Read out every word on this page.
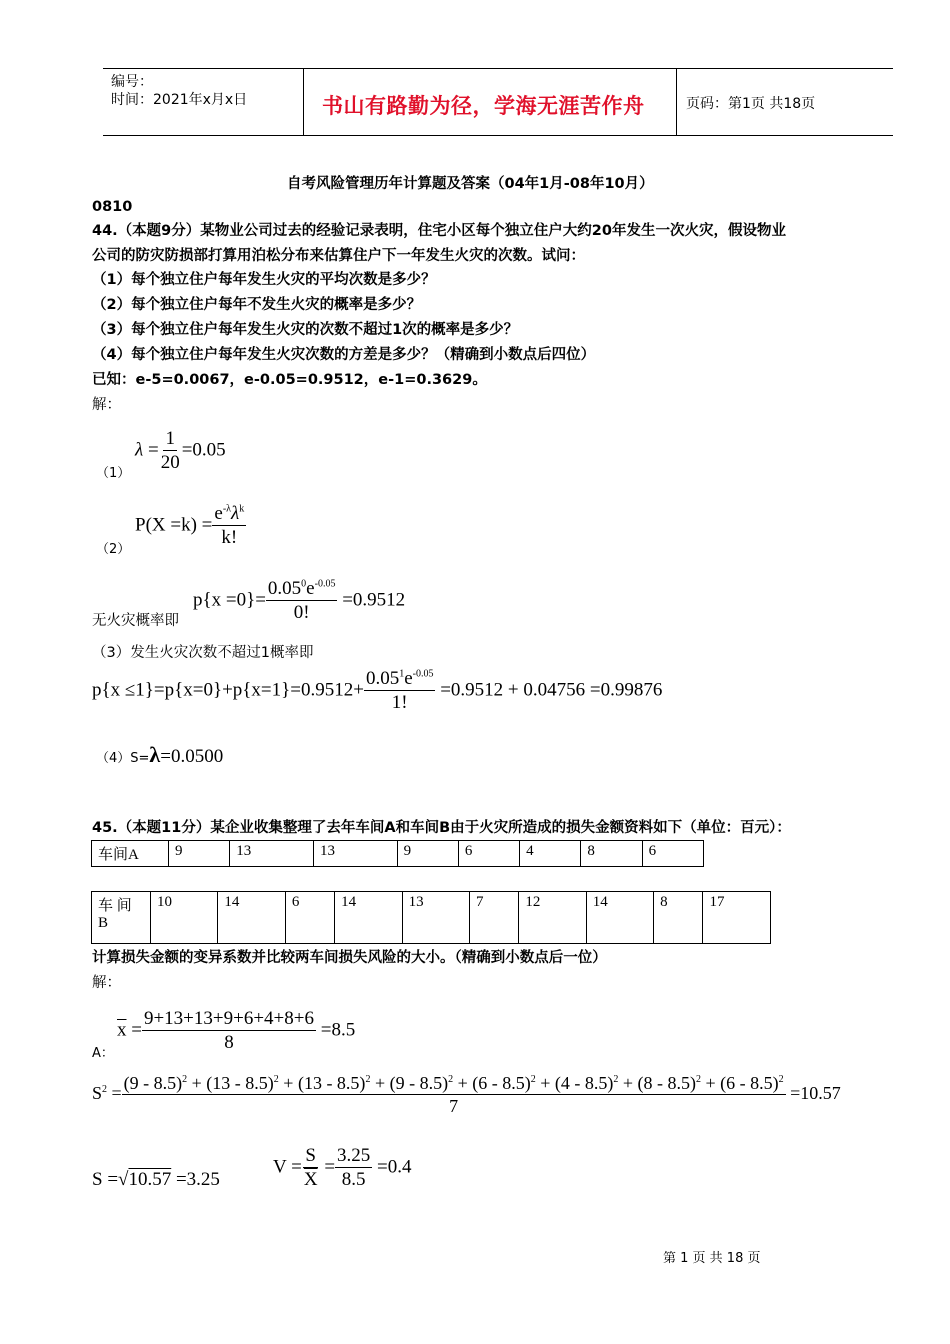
编号：
时间：2021年x月x日	书山有路勤为径，学海无涯苦作舟	页码：第1页 共18页
自考风险管理历年计算题及答案（04年1月-08年10月）
0810
44.（本题9分）某物业公司过去的经验记录表明，住宅小区每个独立住户大约20年发生一次火灾，假设物业
公司的防灾防损部打算用泊松分布来估算住户下一年发生火灾的次数。试问：
（1）每个独立住户每年发生火灾的平均次数是多少？
（2）每个独立住户每年不发生火灾的概率是多少？
（3）每个独立住户每年发生火灾的次数不超过1次的概率是多少？
（4）每个独立住户每年发生火灾次数的方差是多少？（精确到小数点后四位）
已知：e-5=0.0067，e-0.05=0.9512，e-1=0.3629。
解：
（1）
$\lambda = \frac{1}{20} =0.05$
（2）
$P(X =k) = \frac{e^{-\lambda}\lambda^k}{k!}$
$p\{x =0\}= \frac{0.05^0e^{-0.05}}{0!} =0.9512$
无火灾概率即
（3）发生火灾次数不超过1概率即
$p\{x \le 1\}=p\{x=0\}+p\{x=1\}=0.9512+ \frac{0.05^1e^{-0.05}}{1!} =0.9512 + 0.04756 =0.99876$
（4）S=λ=0.0500
45.（本题11分）某企业收集整理了去年车间A和车间B由于火灾所造成的损失金额资料如下（单位：百元）：
车间A	9	13	13	9	6	4	8	6
车 间
B
	10	14	6	14	13	7	12	14	8	17
计算损失金额的变异系数并比较两车间损失风险的大小。（精确到小数点后一位）
解：
A：
$\overline{x} = \frac{9+13+13+9+6+4+8+6}{8} =8.5$
$S^2$ =
(9 - 8.5)$^2$ + (13 - 8.5)$^2$ + (13 - 8.5)$^2$ + (9 - 8.5)$^2$ + (6 - 8.5)$^2$ + (4 - 8.5)$^2$ + (8 - 8.5)$^2$ + (6 - 8.5)$^2$
7
=10.57
S =√10.57 =3.25
$V = \frac{S}{X} = \frac{3.25}{8.5} =0.4$
第 1 页 共 18 页
